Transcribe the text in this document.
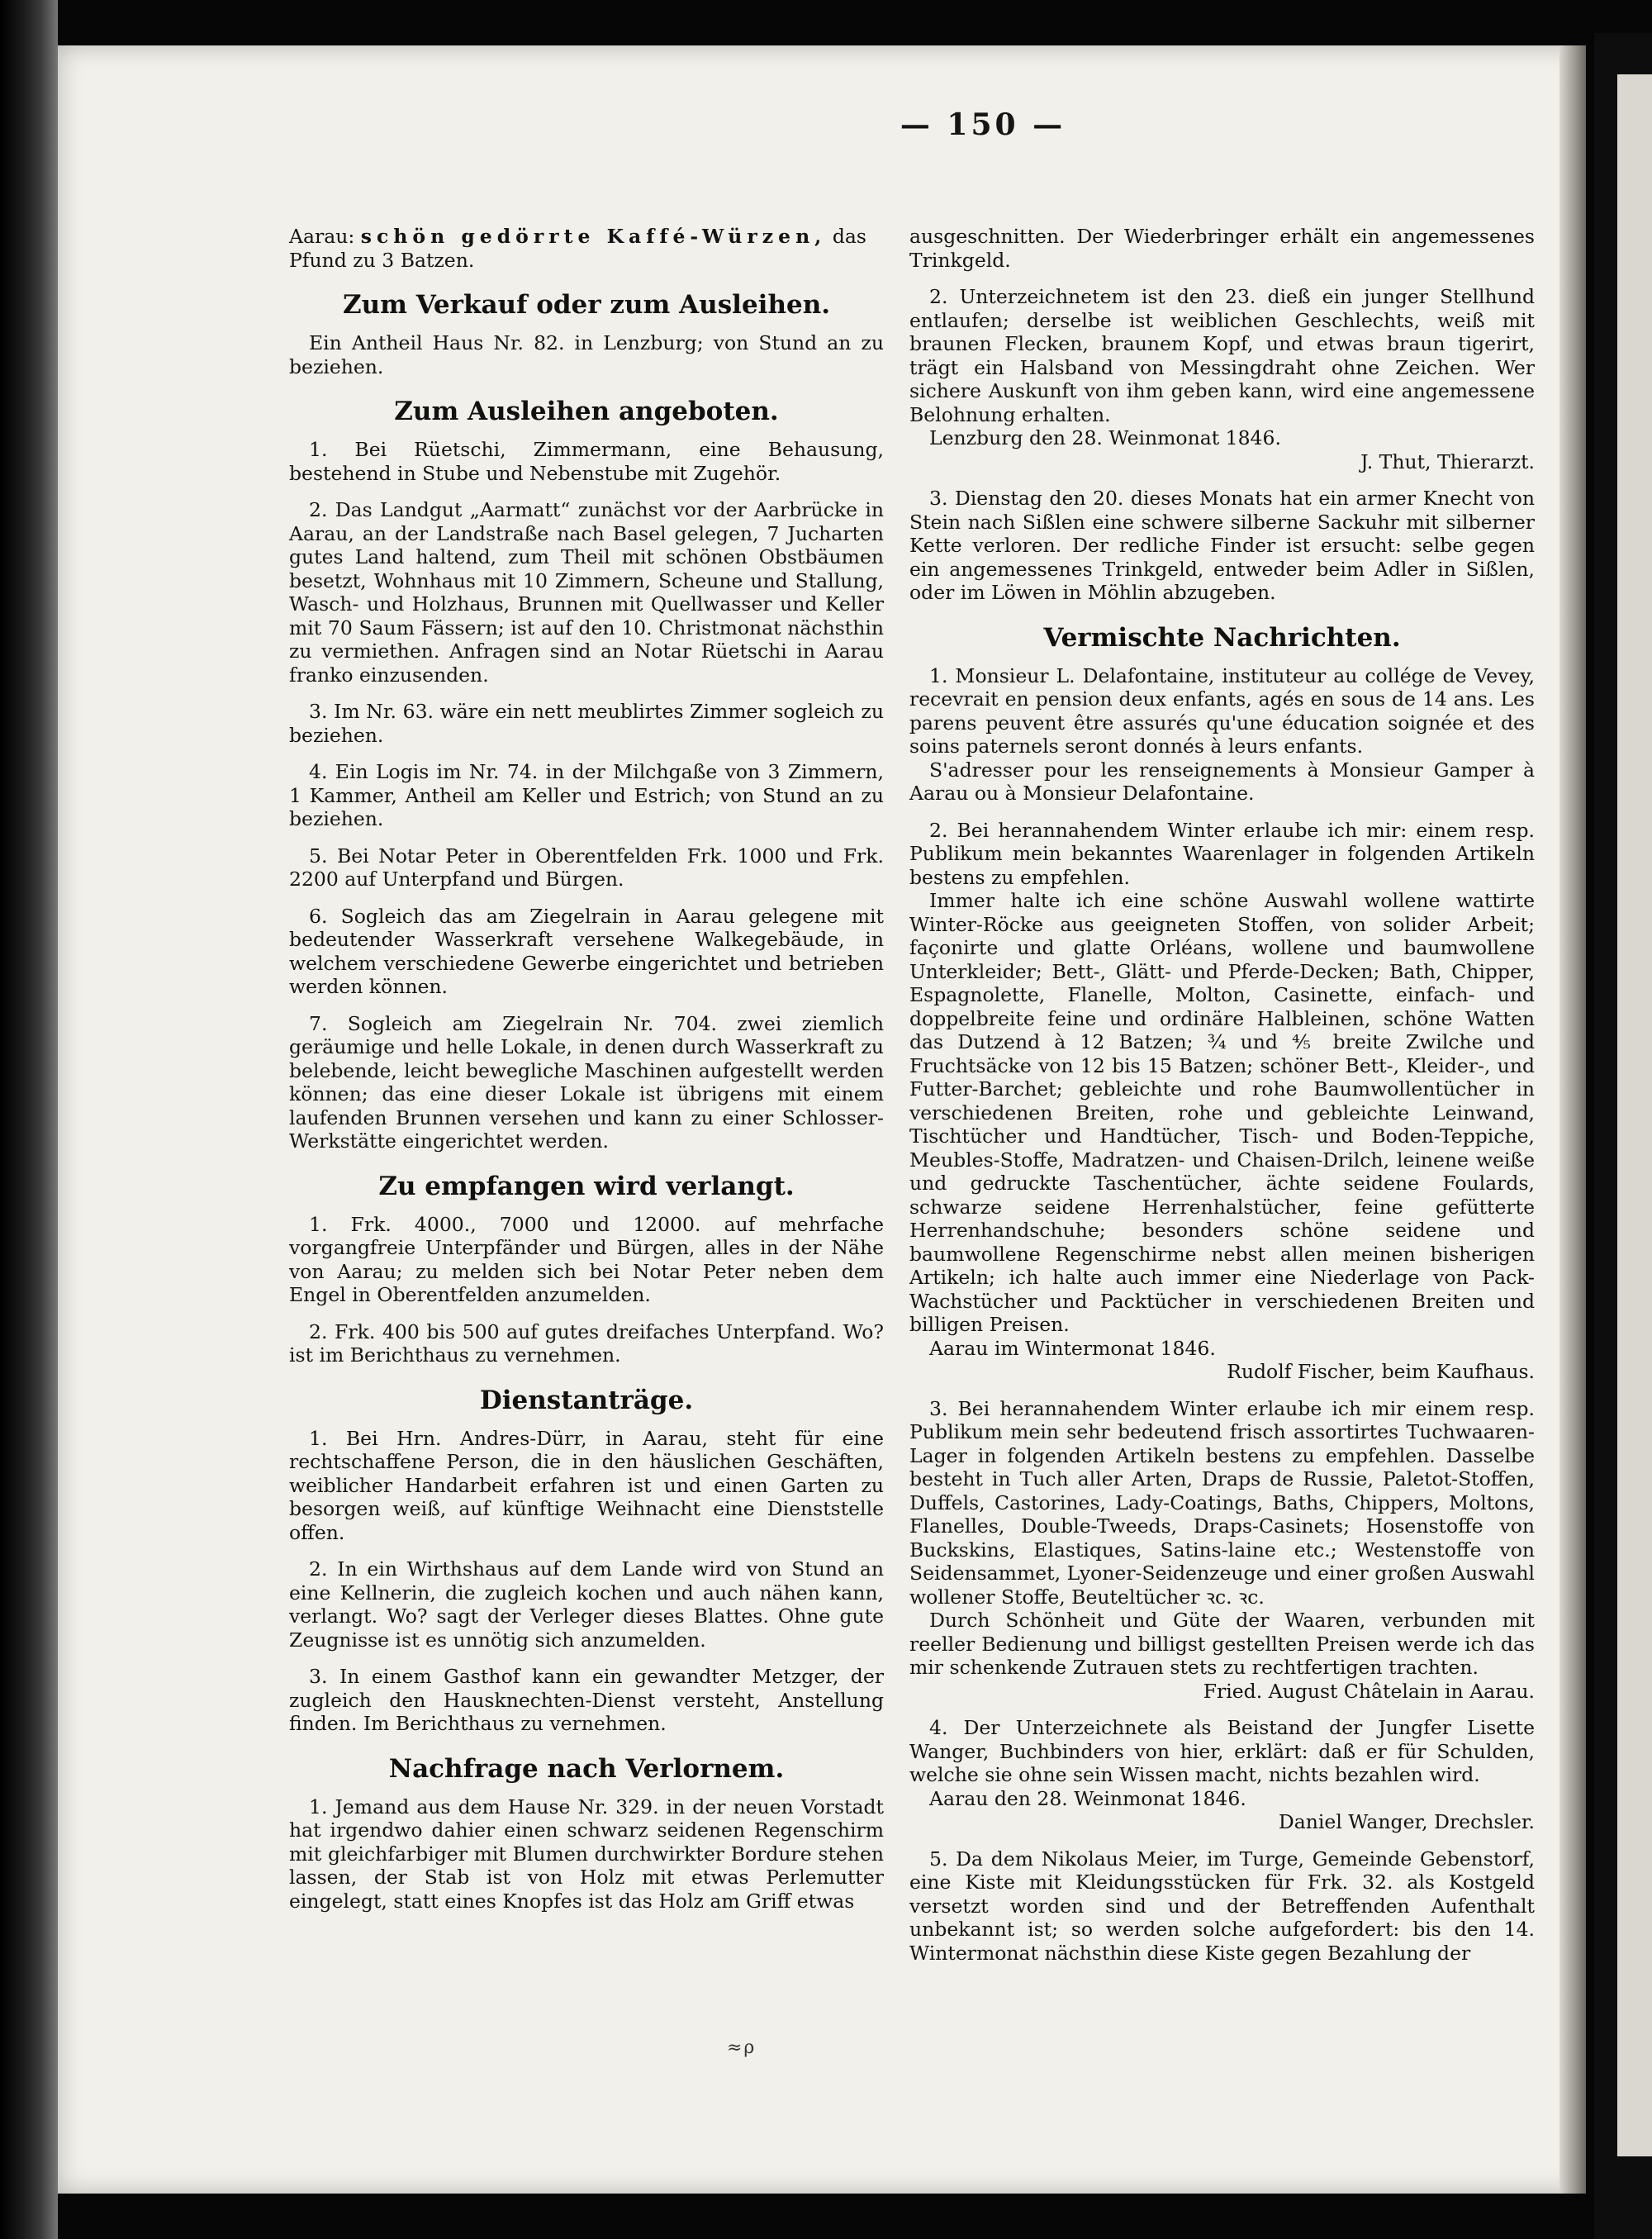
— 150 —

Aarau: schön gedörrte Kaffé-Würzen, das

Pfund zu 3 Batzen.

Zum Verkauf oder zum Ausleihen.

Ein Antheil Haus Nr. 82. in Lenzburg; von Stund an zu beziehen.

Zum Ausleihen angeboten.

1. Bei Rüetschi, Zimmermann, eine Behausung, bestehend in Stube und Nebenstube mit Zugehör.

2. Das Landgut „Aarmatt“ zunächst vor der Aarbrücke in Aarau, an der Landstraße nach Basel gelegen, 7 Jucharten gutes Land haltend, zum Theil mit schönen Obstbäumen besetzt, Wohnhaus mit 10 Zimmern, Scheune und Stallung, Wasch- und Holzhaus, Brunnen mit Quellwasser und Keller mit 70 Saum Fässern; ist auf den 10. Christmonat nächsthin zu vermiethen. Anfragen sind an Notar Rüetschi in Aarau franko einzusenden.

3. Im Nr. 63. wäre ein nett meublirtes Zimmer sogleich zu beziehen.

4. Ein Logis im Nr. 74. in der Milchgaße von 3 Zimmern, 1 Kammer, Antheil am Keller und Estrich; von Stund an zu beziehen.

5. Bei Notar Peter in Oberentfelden Frk. 1000 und Frk. 2200 auf Unterpfand und Bürgen.

6. Sogleich das am Ziegelrain in Aarau gelegene mit bedeutender Wasserkraft versehene Walkegebäude, in welchem verschiedene Gewerbe eingerichtet und betrieben werden können.

7. Sogleich am Ziegelrain Nr. 704. zwei ziemlich geräumige und helle Lokale, in denen durch Wasserkraft zu belebende, leicht bewegliche Maschinen aufgestellt werden können; das eine dieser Lokale ist übrigens mit einem laufenden Brunnen versehen und kann zu einer Schlosser-Werkstätte eingerichtet werden.

Zu empfangen wird verlangt.

1. Frk. 4000., 7000 und 12000. auf mehrfache vorgangfreie Unterpfänder und Bürgen, alles in der Nähe von Aarau; zu melden sich bei Notar Peter neben dem Engel in Oberentfelden anzumelden.

2. Frk. 400 bis 500 auf gutes dreifaches Unterpfand. Wo? ist im Berichthaus zu vernehmen.

Dienstanträge.

1. Bei Hrn. Andres-Dürr, in Aarau, steht für eine rechtschaffene Person, die in den häuslichen Geschäften, weiblicher Handarbeit erfahren ist und einen Garten zu besorgen weiß, auf künftige Weihnacht eine Dienststelle offen.

2. In ein Wirthshaus auf dem Lande wird von Stund an eine Kellnerin, die zugleich kochen und auch nähen kann, verlangt. Wo? sagt der Verleger dieses Blattes. Ohne gute Zeugnisse ist es unnötig sich anzumelden.

3. In einem Gasthof kann ein gewandter Metzger, der zugleich den Hausknechten-Dienst versteht, Anstellung finden. Im Berichthaus zu vernehmen.

Nachfrage nach Verlornem.

1. Jemand aus dem Hause Nr. 329. in der neuen Vorstadt hat irgendwo dahier einen schwarz seidenen Regenschirm mit gleichfarbiger mit Blumen durchwirkter Bordure stehen lassen, der Stab ist von Holz mit etwas Perlemutter eingelegt, statt eines Knopfes ist das Holz am Griff etwas

ausgeschnitten. Der Wiederbringer erhält ein angemessenes Trinkgeld.

2. Unterzeichnetem ist den 23. dieß ein junger Stellhund entlaufen; derselbe ist weiblichen Geschlechts, weiß mit braunen Flecken, braunem Kopf, und etwas braun tigerirt, trägt ein Halsband von Messingdraht ohne Zeichen. Wer sichere Auskunft von ihm geben kann, wird eine angemessene Belohnung erhalten.

Lenzburg den 28. Weinmonat 1846.

J. Thut, Thierarzt.

3. Dienstag den 20. dieses Monats hat ein armer Knecht von Stein nach Sißlen eine schwere silberne Sackuhr mit silberner Kette verloren. Der redliche Finder ist ersucht: selbe gegen ein angemessenes Trinkgeld, entweder beim Adler in Sißlen, oder im Löwen in Möhlin abzugeben.

Vermischte Nachrichten.

1. Monsieur L. Delafontaine, instituteur au collége de Vevey, recevrait en pension deux enfants, agés en sous de 14 ans. Les parens peuvent être assurés qu'une éducation soignée et des soins paternels seront donnés à leurs enfants.

S'adresser pour les renseignements à Monsieur Gamper à Aarau ou à Monsieur Delafontaine.

2. Bei herannahendem Winter erlaube ich mir: einem resp. Publikum mein bekanntes Waarenlager in folgenden Artikeln bestens zu empfehlen.

Immer halte ich eine schöne Auswahl wollene wattirte Winter-Röcke aus geeigneten Stoffen, von solider Arbeit; façonirte und glatte Orléans, wollene und baumwollene Unterkleider; Bett-, Glätt- und Pferde-Decken; Bath, Chipper, Espagnolette, Flanelle, Molton, Casinette, einfach- und doppelbreite feine und ordinäre Halbleinen, schöne Watten das Dutzend à 12 Batzen; ¾ und ⅘ breite Zwilche und Fruchtsäcke von 12 bis 15 Batzen; schöner Bett-, Kleider-, und Futter-Barchet; gebleichte und rohe Baumwollentücher in verschiedenen Breiten, rohe und gebleichte Leinwand, Tischtücher und Handtücher, Tisch- und Boden-Teppiche, Meubles-Stoffe, Madratzen- und Chaisen-Drilch, leinene weiße und gedruckte Taschentücher, ächte seidene Foulards, schwarze seidene Herrenhalstücher, feine gefütterte Herrenhandschuhe; besonders schöne seidene und baumwollene Regenschirme nebst allen meinen bisherigen Artikeln; ich halte auch immer eine Niederlage von Pack-Wachstücher und Packtücher in verschiedenen Breiten und billigen Preisen.

Aarau im Wintermonat 1846.

Rudolf Fischer, beim Kaufhaus.

3. Bei herannahendem Winter erlaube ich mir einem resp. Publikum mein sehr bedeutend frisch assortirtes Tuchwaaren-Lager in folgenden Artikeln bestens zu empfehlen. Dasselbe besteht in Tuch aller Arten, Draps de Russie, Paletot-Stoffen, Duffels, Castorines, Lady-Coatings, Baths, Chippers, Moltons, Flanelles, Double-Tweeds, Draps-Casinets; Hosenstoffe von Buckskins, Elastiques, Satins-laine etc.; Westenstoffe von Seidensammet, Lyoner-Seidenzeuge und einer großen Auswahl wollener Stoffe, Beuteltücher ꝛc. ꝛc.

Durch Schönheit und Güte der Waaren, verbunden mit reeller Bedienung und billigst gestellten Preisen werde ich das mir schenkende Zutrauen stets zu rechtfertigen trachten.

Fried. August Châtelain in Aarau.

4. Der Unterzeichnete als Beistand der Jungfer Lisette Wanger, Buchbinders von hier, erklärt: daß er für Schulden, welche sie ohne sein Wissen macht, nichts bezahlen wird.

Aarau den 28. Weinmonat 1846.

Daniel Wanger, Drechsler.

5. Da dem Nikolaus Meier, im Turge, Gemeinde Gebenstorf, eine Kiste mit Kleidungsstücken für Frk. 32. als Kostgeld versetzt worden sind und der Betreffenden Aufenthalt unbekannt ist; so werden solche aufgefordert: bis den 14. Wintermonat nächsthin diese Kiste gegen Bezahlung der

≈ρ
